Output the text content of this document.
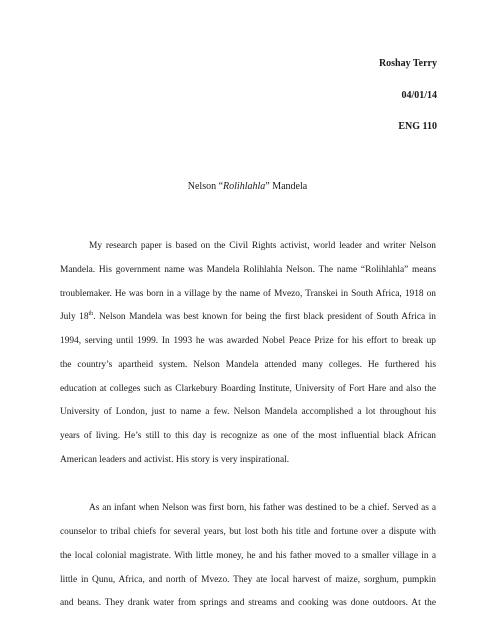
Roshay Terry
04/01/14
ENG 110
Nelson “Rolihlahla” Mandela
My research paper is based on the Civil Rights activist, world leader and writer Nelson
Mandela. His government name was Mandela Rolihlahla Nelson. The name “Rolihlahla” means
troublemaker. He was born in a village by the name of Mvezo, Transkei in South Africa, 1918 on
July 18th. Nelson Mandela was best known for being the first black president of South Africa in
1994, serving until 1999. In 1993 he was awarded Nobel Peace Prize for his effort to break up
the country’s apartheid system. Nelson Mandela attended many colleges. He furthered his
education at colleges such as Clarkebury Boarding Institute, University of Fort Hare and also the
University of London, just to name a few. Nelson Mandela accomplished a lot throughout his
years of living. He’s still to this day is recognize as one of the most influential black African
American leaders and activist. His story is very inspirational.
As an infant when Nelson was first born, his father was destined to be a chief. Served as a
counselor to tribal chiefs for several years, but lost both his title and fortune over a dispute with
the local colonial magistrate. With little money, he and his father moved to a smaller village in a
little in Qunu, Africa, and north of Mvezo. They ate local harvest of maize, sorghum, pumpkin
and beans. They drank water from springs and streams and cooking was done outdoors. At the
